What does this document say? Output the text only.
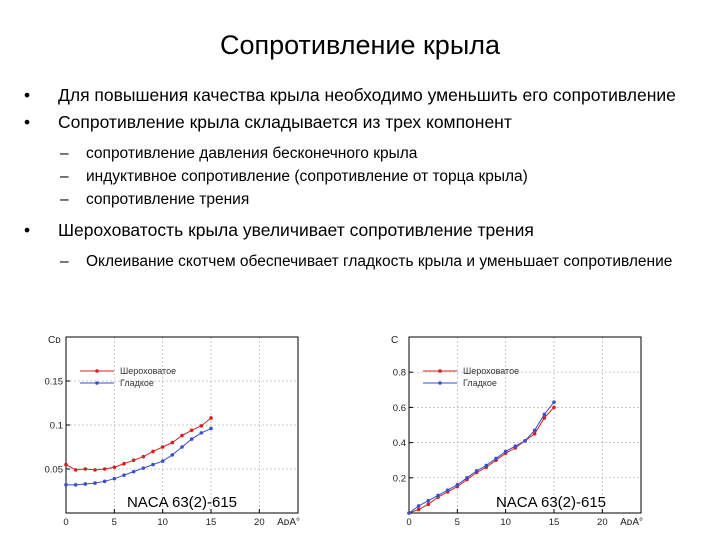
Сопротивление крыла
• Для повышения качества крыла необходимо уменьшить его сопротивление
• Сопротивление крыла складывается из трех компонент
– сопротивление давления бесконечного крыла
– индуктивное сопротивление (сопротивление от торца крыла)
– сопротивление трения
• Шероховатость крыла увеличивает сопротивление трения
– Оклеивание скотчем обеспечивает гладкость крыла и уменьшает сопротивление
0	5	10	15	20
0.05
0.1
0.15
Cᴅ
AᴅA°
Шероховатое
Гладкое
NACA 63(2)-615
0	5	10	15	20
0.2
0.4
0.6
0.8
C
AᴅA°
Шероховатое
Гладкое
NACA 63(2)-615
